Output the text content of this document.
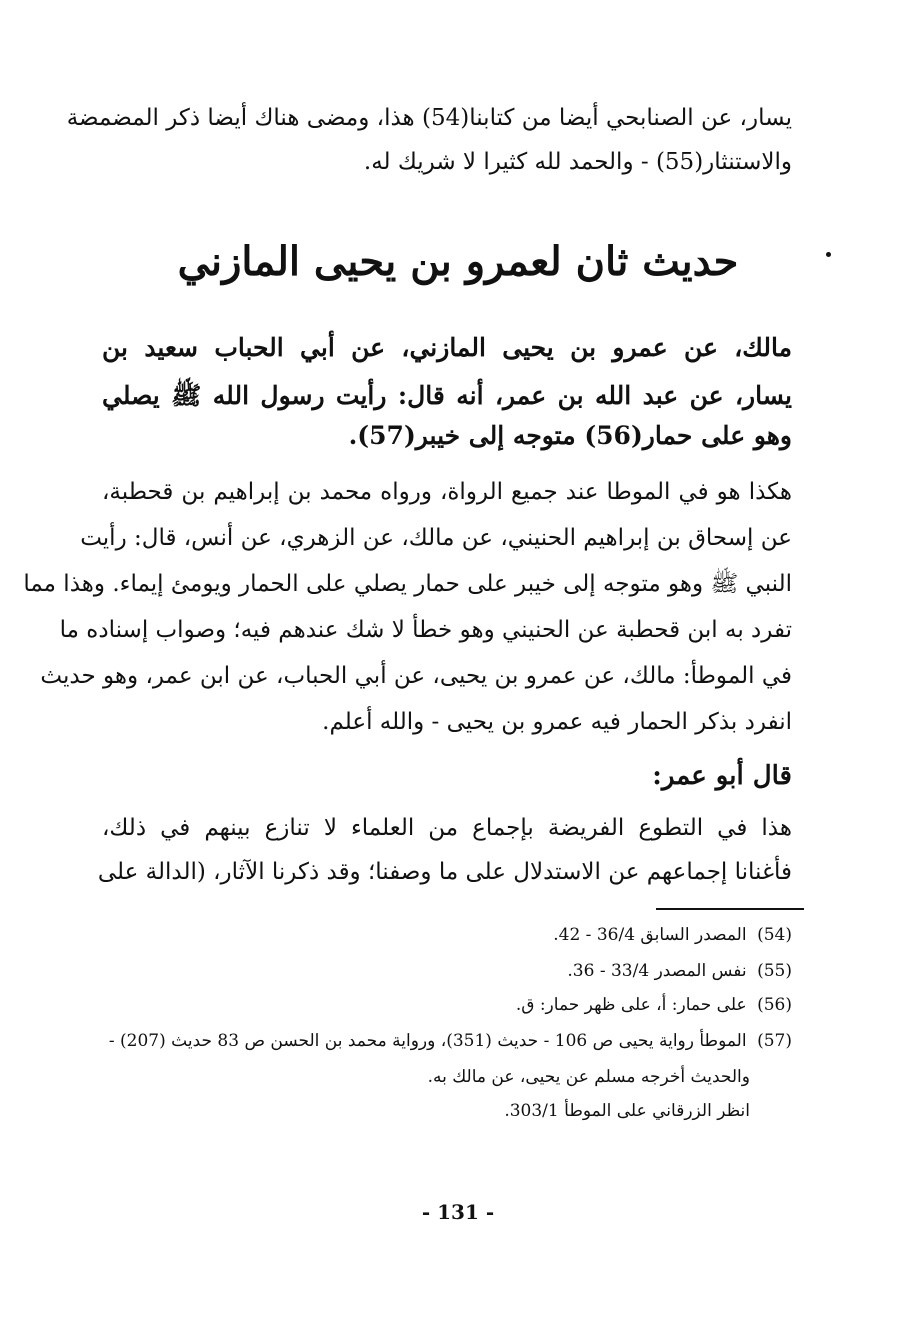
يسار، عن الصنابحي أيضا من كتابنا(54) هذا، ومضى هناك أيضا ذكر المضمضة
والاستنثار(55) - والحمد لله كثيرا لا شريك له.
حديث ثان لعمرو بن يحيى المازني
مالك، عن عمرو بن يحيى المازني، عن أبي الحباب سعيد بن
يسار، عن عبد الله بن عمر، أنه قال: رأيت رسول الله ﷺ يصلي
وهو على حمار(56) متوجه إلى خيبر(57).
هكذا هو في الموطا عند جميع الرواة، ورواه محمد بن إبراهيم بن قحطبة،
عن إسحاق بن إبراهيم الحنيني، عن مالك، عن الزهري، عن أنس، قال: رأيت
النبي ﷺ وهو متوجه إلى خيبر على حمار يصلي على الحمار ويومئ إيماء. وهذا مما
تفرد به ابن قحطبة عن الحنيني وهو خطأ لا شك عندهم فيه؛ وصواب إسناده ما
في الموطأ: مالك، عن عمرو بن يحيى، عن أبي الحباب، عن ابن عمر، وهو حديث
انفرد بذكر الحمار فيه عمرو بن يحيى - والله أعلم.
قال أبو عمر:
هذا في التطوع الفريضة بإجماع من العلماء لا تنازع بينهم في ذلك،
فأغنانا إجماعهم عن الاستدلال على ما وصفنا؛ وقد ذكرنا الآثار، (الدالة على
(54) المصدر السابق 36/4 - 42.
(55) نفس المصدر 33/4 - 36.
(56) على حمار: أ، على ظهر حمار: ق.
(57) الموطأ رواية يحيى ص 106 - حديث (351)، ورواية محمد بن الحسن ص 83 حديث (207) -
والحديث أخرجه مسلم عن يحيى، عن مالك به.
انظر الزرقاني على الموطأ 303/1.
- 131 -
